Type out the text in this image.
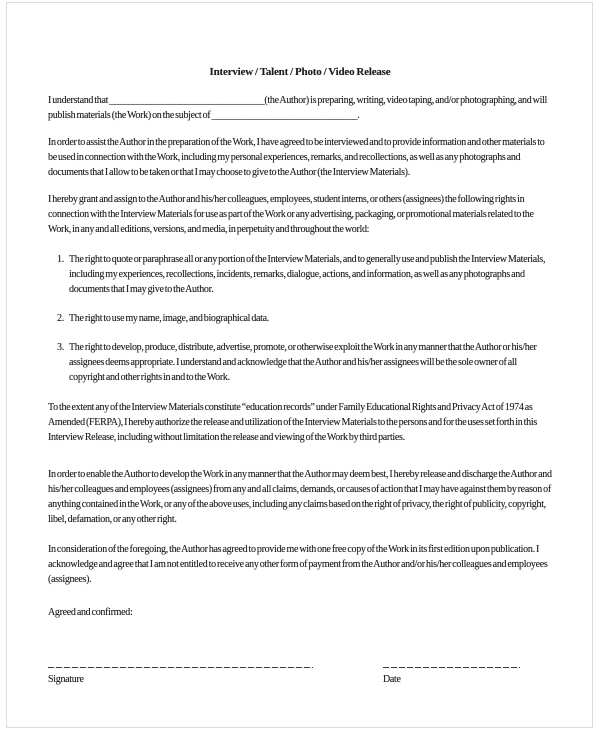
Interview / Talent / Photo / Video Release

I understand that _________________________________(the Author) is preparing, writing, video taping, and/or photographing, and will publish materials (the Work) on the subject of _______________________________.

In order to assist the Author in the preparation of the Work, I have agreed to be interviewed and to provide information and other materials to be used in connection with the Work, including my personal experiences, remarks, and recollections, as well as any photographs and documents that I allow to be taken or that I may choose to give to the Author (the Interview Materials).

I hereby grant and assign to the Author and his/her colleagues, employees, student interns, or others (assignees) the following rights in connection with the Interview Materials for use as part of the Work or any advertising, packaging, or promotional materials related to the Work, in any and all editions, versions, and media, in perpetuity and throughout the world:

1. The right to quote or paraphrase all or any portion of the Interview Materials, and to generally use and publish the Interview Materials, including my experiences, recollections, incidents, remarks, dialogue, actions, and information, as well as any photographs and documents that I may give to the Author.
2. The right to use my name, image, and biographical data.
3. The right to develop, produce, distribute, advertise, promote, or otherwise exploit the Work in any manner that the Author or his/her assignees deems appropriate. I understand and acknowledge that the Author and his/her assignees will be the sole owner of all copyright and other rights in and to the Work.

To the extent any of the Interview Materials constitute “education records” under Family Educational Rights and Privacy Act of 1974 as Amended (FERPA), I hereby authorize the release and utilization of the Interview Materials to the persons and for the uses set forth in this Interview Release, including without limitation the release and viewing of the Work by third parties.

In order to enable the Author to develop the Work in any manner that the Author may deem best, I hereby release and discharge the Author and his/her colleagues and employees (assignees) from any and all claims, demands, or causes of action that I may have against them by reason of anything contained in the Work, or any of the above uses, including any claims based on the right of privacy, the right of publicity, copyright, libel, defamation, or any other right.

In consideration of the foregoing, the Author has agreed to provide me with one free copy of the Work in its first edition upon publication. I acknowledge and agree that I am not entitled to receive any other form of payment from the Author and/or his/her colleagues and employees (assignees).

Agreed and confirmed:

Signature	Date
